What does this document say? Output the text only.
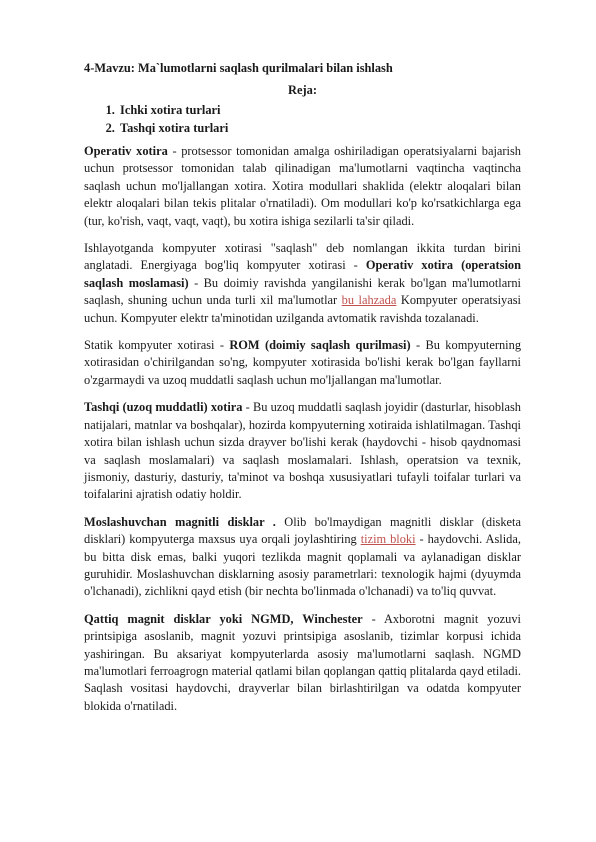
4-Mavzu: Ma`lumotlarni saqlash qurilmalari bilan ishlash
Reja:
1. Ichki xotira turlari
2. Tashqi xotira turlari

Operativ xotira - protsessor tomonidan amalga oshiriladigan operatsiyalarni bajarish uchun protsessor tomonidan talab qilinadigan ma'lumotlarni vaqtincha vaqtincha saqlash uchun mo'ljallangan xotira. Xotira modullari shaklida (elektr aloqalari bilan elektr aloqalari bilan tekis plitalar o'rnatiladi). Om modullari ko'p ko'rsatkichlarga ega (tur, ko'rish, vaqt, vaqt, vaqt), bu xotira ishiga sezilarli ta'sir qiladi.

Ishlayotganda kompyuter xotirasi "saqlash" deb nomlangan ikkita turdan birini anglatadi. Energiyaga bog'liq kompyuter xotirasi - Operativ xotira (operatsion saqlash moslamasi) - Bu doimiy ravishda yangilanishi kerak bo'lgan ma'lumotlarni saqlash, shuning uchun unda turli xil ma'lumotlar bu lahzada Kompyuter operatsiyasi uchun. Kompyuter elektr ta'minotidan uzilganda avtomatik ravishda tozalanadi.

Statik kompyuter xotirasi - ROM (doimiy saqlash qurilmasi) - Bu kompyuterning xotirasidan o'chirilgandan so'ng, kompyuter xotirasida bo'lishi kerak bo'lgan fayllarni o'zgarmaydi va uzoq muddatli saqlash uchun mo'ljallangan ma'lumotlar.

Tashqi (uzoq muddatli) xotira - Bu uzoq muddatli saqlash joyidir (dasturlar, hisoblash natijalari, matnlar va boshqalar), hozirda kompyuterning xotiraida ishlatilmagan. Tashqi xotira bilan ishlash uchun sizda drayver bo'lishi kerak (haydovchi - hisob qaydnomasi va saqlash moslamalari) va saqlash moslamalari. Ishlash, operatsion va texnik, jismoniy, dasturiy, dasturiy, ta'minot va boshqa xususiyatlari tufayli toifalar turlari va toifalarini ajratish odatiy holdir.

Moslashuvchan magnitli disklar . Olib bo'lmaydigan magnitli disklar (disketa disklari) kompyuterga maxsus uya orqali joylashtiring tizim bloki - haydovchi. Aslida, bu bitta disk emas, balki yuqori tezlikda magnit qoplamali va aylanadigan disklar guruhidir. Moslashuvchan disklarning asosiy parametrlari: texnologik hajmi (dyuymda o'lchanadi), zichlikni qayd etish (bir nechta bo'linmada o'lchanadi) va to'liq quvvat.

Qattiq magnit disklar yoki NGMD, Winchester - Axborotni magnit yozuvi printsipiga asoslanib, magnit yozuvi printsipiga asoslanib, tizimlar korpusi ichida yashiringan. Bu aksariyat kompyuterlarda asosiy ma'lumotlarni saqlash. NGMD ma'lumotlari ferroagrogn material qatlami bilan qoplangan qattiq plitalarda qayd etiladi. Saqlash vositasi haydovchi, drayverlar bilan birlashtirilgan va odatda kompyuter blokida o'rnatiladi.
